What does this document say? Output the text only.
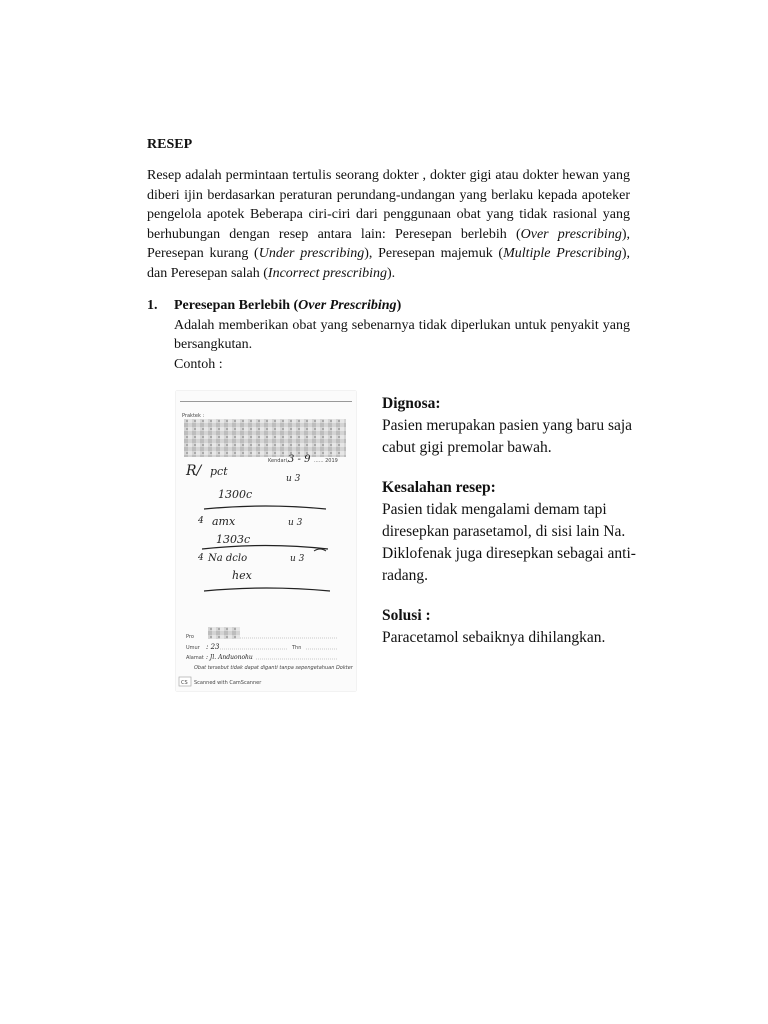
RESEP
Resep adalah permintaan tertulis seorang dokter , dokter gigi atau dokter hewan yang diberi ijin berdasarkan peraturan perundang-undangan yang berlaku kepada apoteker pengelola apotek Beberapa ciri-ciri dari penggunaan obat yang tidak rasional yang berhubungan dengan resep antara lain: Peresepan berlebih (Over prescribing), Peresepan kurang (Under prescribing), Peresepan majemuk (Multiple Prescribing), dan Peresepan salah (Incorrect prescribing).
1. Peresepan Berlebih (Over Prescribing)
Adalah memberikan obat yang sebenarnya tidak diperlukan untuk penyakit yang bersangkutan.
Contoh :
Praktek :
Kendari, 3 - 9 ...... 2019
R/ pct
u 3
1300c
4 amx	u 3
1303c
4 Na dclo	u 3
hex
Pro
Umur : 23	Thn
Alamat : Jl. Anduonohu
Obat tersebut tidak dapat diganti tanpa sepengetahuan Dokter
CS Scanned with CamScanner
Dignosa:
Pasien merupakan pasien yang baru saja cabut gigi premolar bawah.
Kesalahan resep:
Pasien tidak mengalami demam tapi diresepkan parasetamol, di sisi lain Na. Diklofenak juga diresepkan sebagai anti-radang.
Solusi :
Paracetamol sebaiknya dihilangkan.
